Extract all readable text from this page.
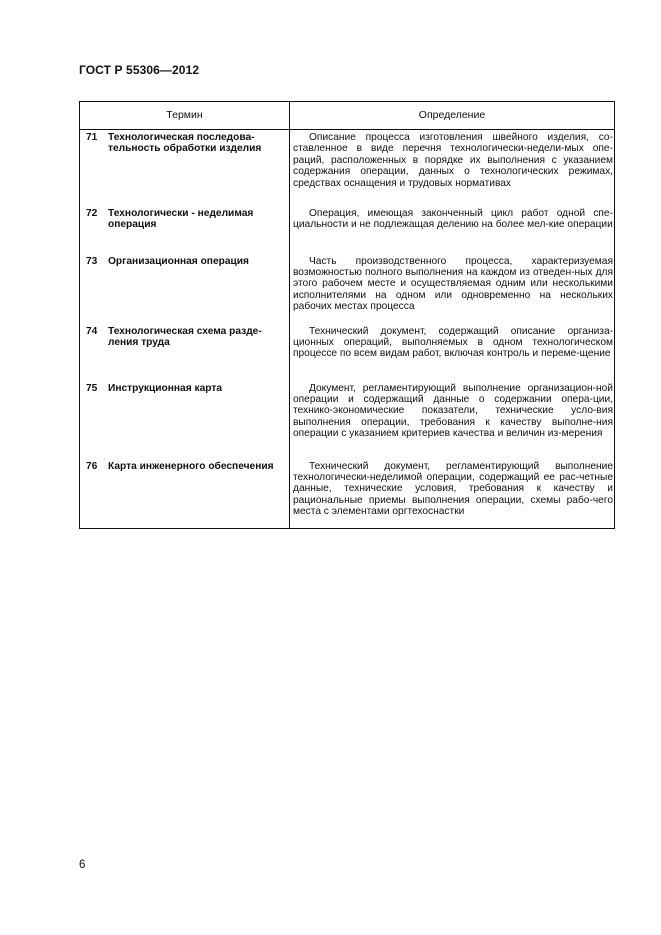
ГОСТ Р 55306—2012
Термин	Определение

71 Технологическая последова-тельность обработки изделия	Описание процесса изготовления швейного изделия, со-ставленное в виде перечня технологически-недели-мых опе-раций, расположенных в порядке их выполнения с указанием содержания операции, данных о технологических режимах, средствах оснащения и трудовых нормативах

72 Технологически - неделимая операция	Операция, имеющая законченный цикл работ одной спе-циальности и не подлежащая делению на более мел-кие операции

73 Организационная операция	Часть производственного процесса, характеризуемая возможностью полного выполнения на каждом из отведен-ных для этого рабочем месте и осуществляемая одним или несколькими исполнителями на одном или одновременно на нескольких рабочих местах процесса

74 Технологическая схема разде-ления труда	Технический документ, содержащий описание организа-ционных операций, выполняемых в одном технологическом процессе по всем видам работ, включая контроль и переме-щение

75 Инструкционная карта	Документ, регламентирующий выполнение организацион-ной операции и содержащий данные о содержании опера-ции, технико-экономические показатели, технические усло-вия выполнения операции, требования к качеству выполне-ния операции с указанием критериев качества и величин из-мерения

76 Карта инженерного обеспечения	Технический документ, регламентирующий выполнение технологически-неделимой операции, содержащий ее рас-четные данные, технические условия, требования к качеству и рациональные приемы выполнения операции, схемы рабо-чего места с элементами оргтехоснастки
6
